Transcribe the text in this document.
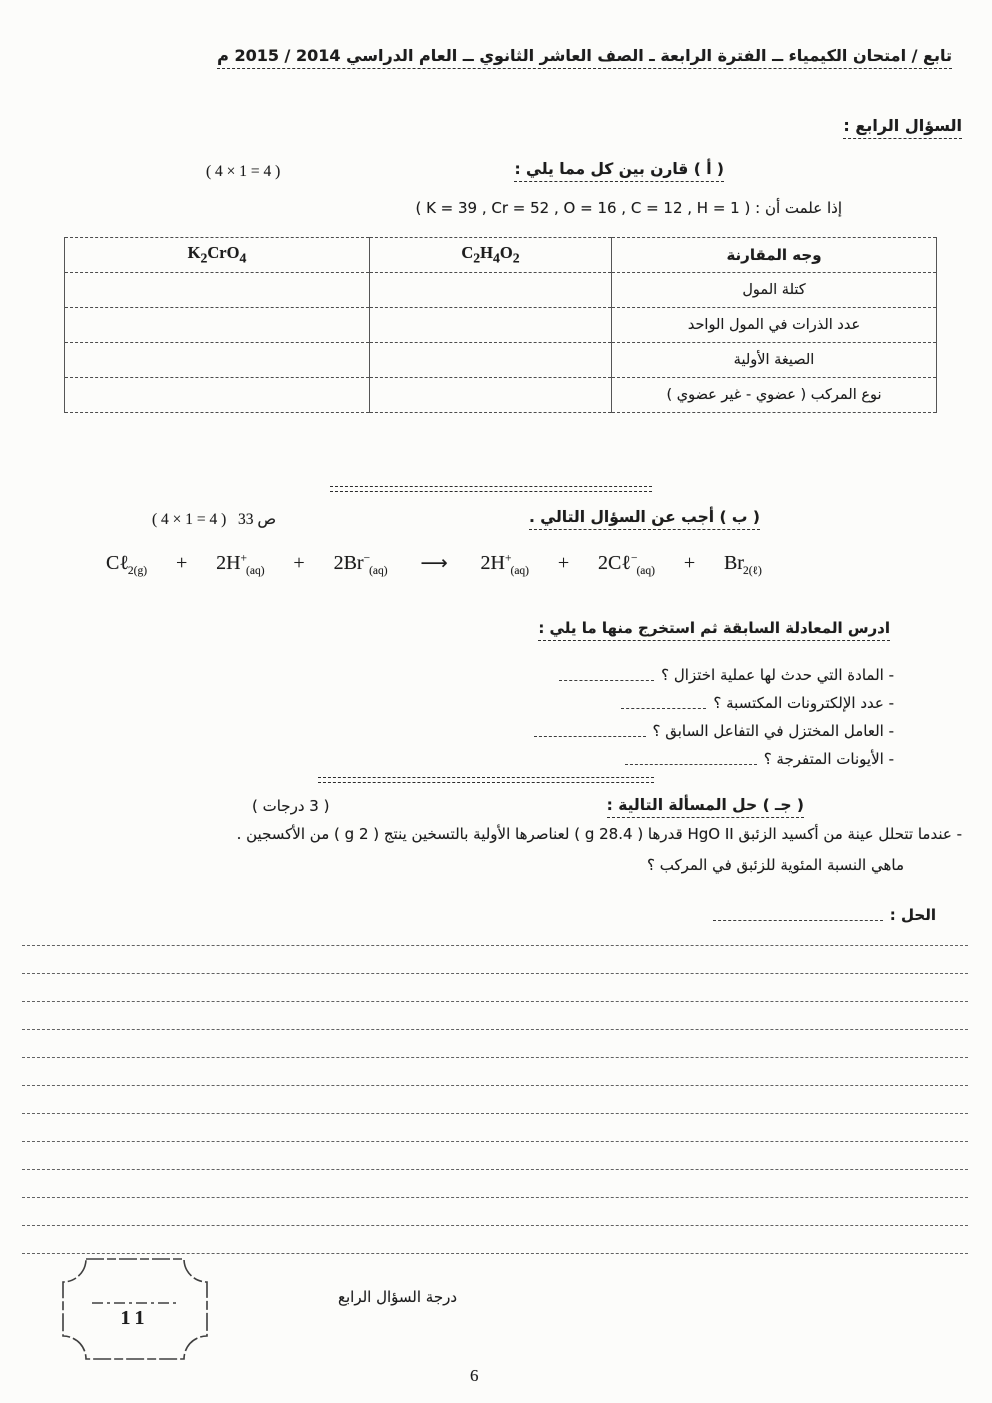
تابع / امتحان الكيمياء ــ الفترة الرابعة ـ الصف العاشر الثانوي ــ العام الدراسي 2014 / 2015 م
السؤال الرابع :
( أ ) قارن بين كل مما يلي :
( 4 × 1 = 4 )
إذا علمت أن : ( K = 39 , Cr = 52 , O = 16 , C = 12 , H = 1 )
وجه المقارنة	$C_2H_4O_2$	$K_2CrO_4$
كتلة المول		
عدد الذرات في المول الواحد		
الصيغة الأولية		
نوع المركب ( عضوي - غير عضوي )		
( ب ) أجب عن السؤال التالي .
( 4 × 1 = 4 ) 33 ص
Cℓ$_{2(g)}$ + $2H^+_{(aq)} + 2Br^-_{(aq)}$ ⟶ $2H^+_{(aq)}$ + 2Cℓ−$_{(aq)}$ + $Br_{2(\ell)}$
ادرس المعادلة السابقة ثم استخرج منها ما يلي :
- المادة التي حدث لها عملية اختزال ؟
- عدد الإلكترونات المكتسبة ؟
- العامل المختزل في التفاعل السابق ؟
- الأيونات المتفرجة ؟
( جـ ) حل المسألة التالية :
( 3 درجات )
- عندما تتحلل عينة من أكسيد الزئبق HgO II قدرها ( 28.4 g ) لعناصرها الأولية بالتسخين ينتج ( 2 g ) من الأكسجين .
ماهي النسبة المئوية للزئبق في المركب ؟
الحل :
11
درجة السؤال الرابع
6
